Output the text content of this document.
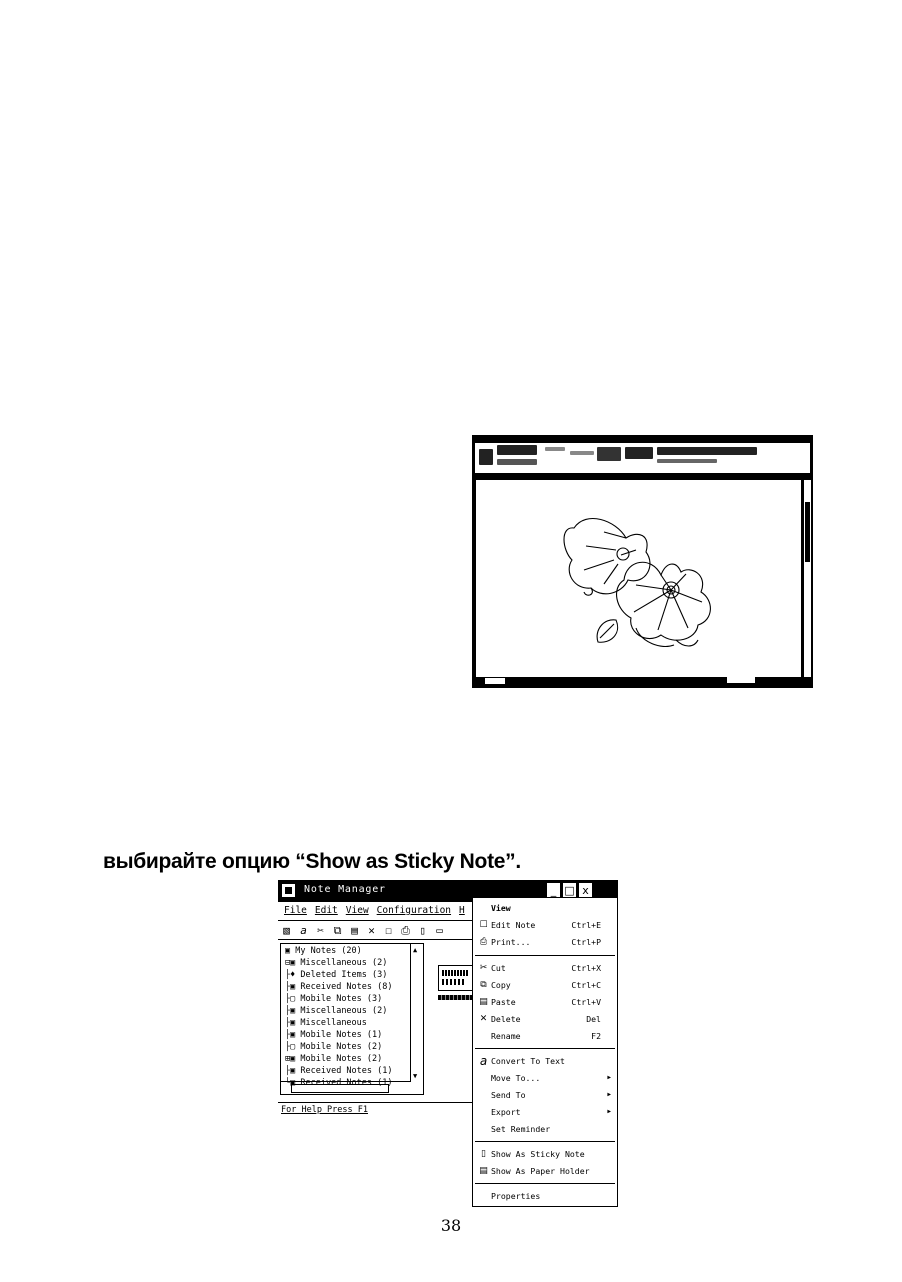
выбирайте опцию “Show as Sticky Note”.
Note Manager	_ □ x
File Edit View Configuration H
▧ a ✂ ⧉ ▤ ✕ ☐ ⎙ ▯ ▭
▣ My Notes (20)
⊟▣ Miscellaneous (2)
├♦ Deleted Items (3)
├▣ Received Notes (8)
├▢ Mobile Notes (3)
├▣ Miscellaneous (2)
├▣ Miscellaneous
├▣ Mobile Notes (1)
├▢ Mobile Notes (2)
⊞▣ Mobile Notes (2)
├▣ Received Notes (1)
└▣ Received Notes (1)
▲
▼
For Help Press F1
View
☐ Edit Note	Ctrl+E
⎙ Print...	Ctrl+P
✂ Cut	Ctrl+X
⧉ Copy	Ctrl+C
▤ Paste	Ctrl+V
✕ Delete	Del
Rename	F2
a Convert To Text
Move To...	▶
Send To	▶
Export	▶
Set Reminder
▯ Show As Sticky Note
▤ Show As Paper Holder
Properties
38
